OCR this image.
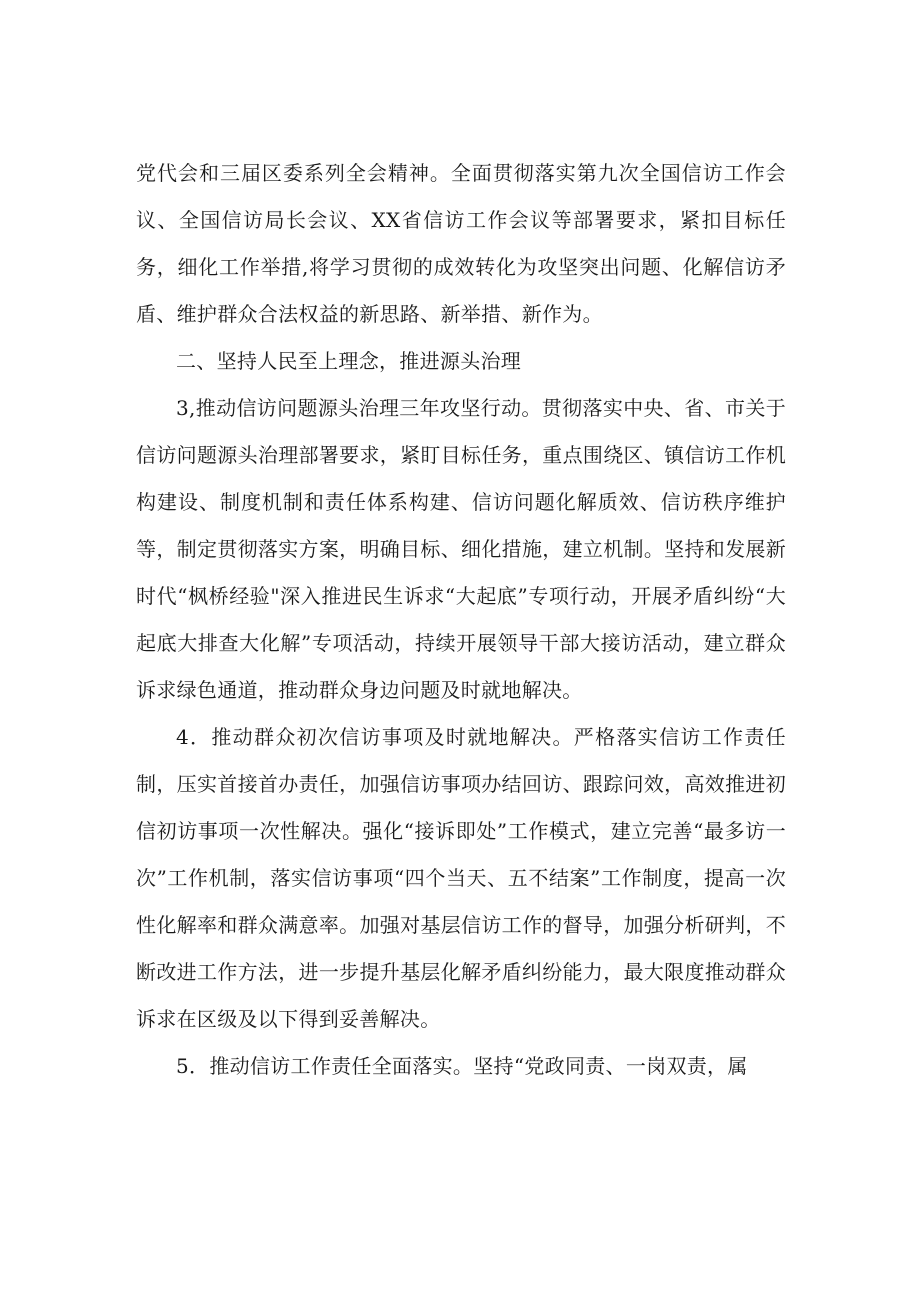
党代会和三届区委系列全会精神。全面贯彻落实第九次全国信访工作会议、全国信访局长会议、XX省信访工作会议等部署要求，紧扣目标任务，细化工作举措,将学习贯彻的成效转化为攻坚突出问题、化解信访矛盾、维护群众合法权益的新思路、新举措、新作为。

二、坚持人民至上理念，推进源头治理

3,推动信访问题源头治理三年攻坚行动。贯彻落实中央、省、市关于信访问题源头治理部署要求，紧盯目标任务，重点围绕区、镇信访工作机构建设、制度机制和责任体系构建、信访问题化解质效、信访秩序维护等，制定贯彻落实方案，明确目标、细化措施，建立机制。坚持和发展新时代“枫桥经验"深入推进民生诉求“大起底”专项行动，开展矛盾纠纷“大起底大排查大化解”专项活动，持续开展领导干部大接访活动，建立群众诉求绿色通道，推动群众身边问题及时就地解决。

4．推动群众初次信访事项及时就地解决。严格落实信访工作责任制，压实首接首办责任，加强信访事项办结回访、跟踪问效，高效推进初信初访事项一次性解决。强化“接诉即处”工作模式，建立完善“最多访一次”工作机制，落实信访事项“四个当天、五不结案”工作制度，提高一次性化解率和群众满意率。加强对基层信访工作的督导，加强分析研判，不断改进工作方法，进一步提升基层化解矛盾纠纷能力，最大限度推动群众诉求在区级及以下得到妥善解决。

5．推动信访工作责任全面落实。坚持“党政同责、一岗双责，属
